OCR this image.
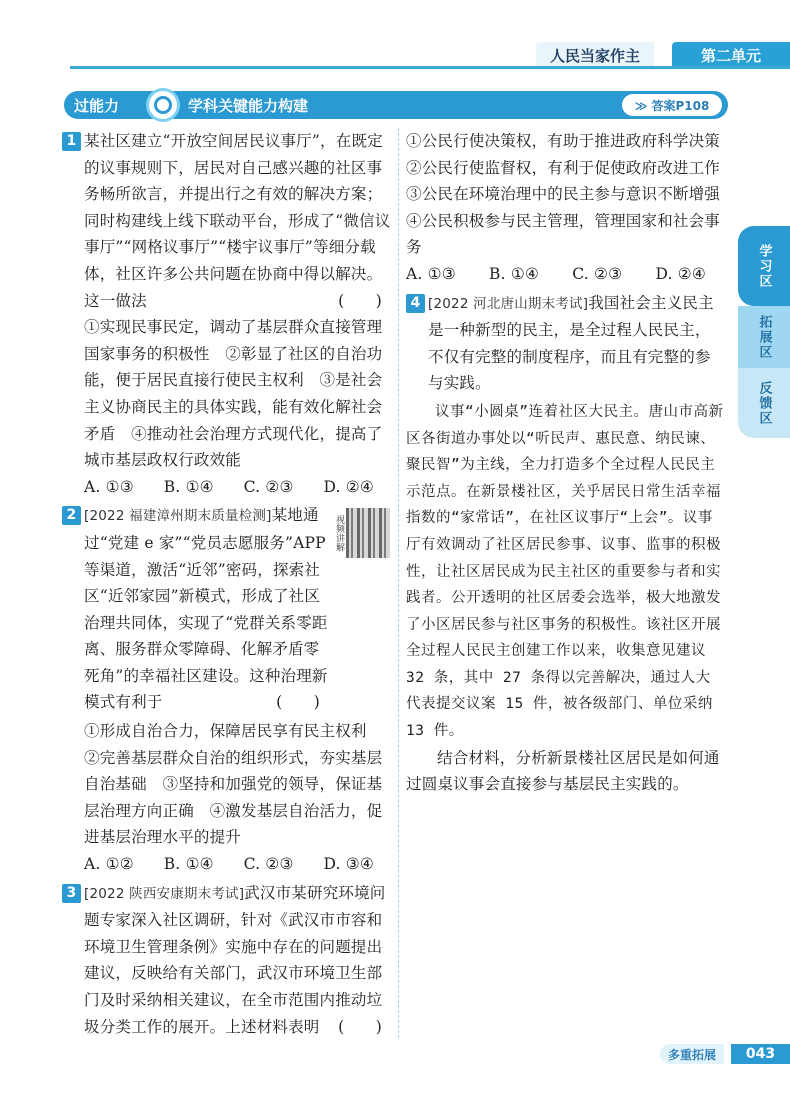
人民当家作主	第二单元
过能力	学科关键能力构建	≫ 答案P108
1 某社区建立“开放空间居民议事厅”，在既定的议事规则下，居民对自己感兴趣的社区事务畅所欲言，并提出行之有效的解决方案；同时构建线上线下联动平台，形成了“微信议事厅”“网格议事厅”“楼宇议事厅”等细分载体，社区许多公共问题在协商中得以解决。这一做法	(　　)
①实现民事民定，调动了基层群众直接管理国家事务的积极性　②彰显了社区的自治功能，便于居民直接行使民主权利　③是社会主义协商民主的具体实践，能有效化解社会矛盾　④推动社会治理方式现代化，提高了城市基层政权行政效能
A. ①③ B. ①④ C. ②③ D. ②④
2	视频讲解
[2022 福建漳州期末质量检测]某地通过“党建 e 家”“党员志愿服务”APP 等渠道，激活“近邻”密码，探索社区“近邻家园”新模式，形成了社区治理共同体，实现了“党群关系零距离、服务群众零障碍、化解矛盾零死角”的幸福社区建设。这种治理新模式有利于	(　　)
①形成自治合力，保障居民享有民主权利　②完善基层群众自治的组织形式，夯实基层自治基础　③坚持和加强党的领导，保证基层治理方向正确　④激发基层自治活力，促进基层治理水平的提升
A. ①② B. ①④ C. ②③ D. ③④
3 [2022 陕西安康期末考试]武汉市某研究环境问题专家深入社区调研，针对《武汉市市容和环境卫生管理条例》实施中存在的问题提出建议，反映给有关部门，武汉市环境卫生部门及时采纳相关建议，在全市范围内推动垃圾分类工作的展开。上述材料表明 (　　)
①公民行使决策权，有助于推进政府科学决策　②公民行使监督权，有利于促使政府改进工作　③公民在环境治理中的民主参与意识不断增强　④公民积极参与民主管理，管理国家和社会事务
A. ①③ B. ①④ C. ②③ D. ②④
4 [2022 河北唐山期末考试]我国社会主义民主是一种新型的民主，是全过程人民民主，不仅有完整的制度程序，而且有完整的参与实践。
议事“小圆桌”连着社区大民主。唐山市高新区各街道办事处以“听民声、惠民意、纳民谏、聚民智”为主线，全力打造多个全过程人民民主示范点。在新景楼社区，关乎居民日常生活幸福指数的“家常话”，在社区议事厅“上会”。议事厅有效调动了社区居民参事、议事、监事的积极性，让社区居民成为民主社区的重要参与者和实践者。公开透明的社区居委会选举，极大地激发了小区居民参与社区事务的积极性。该社区开展全过程人民民主创建工作以来，收集意见建议 32 条，其中 27 条得以完善解决，通过人大代表提交议案 15 件，被各级部门、单位采纳 13 件。
结合材料，分析新景楼社区居民是如何通过圆桌议事会直接参与基层民主实践的。
学习区
拓展区
反馈区
多重拓展	043
